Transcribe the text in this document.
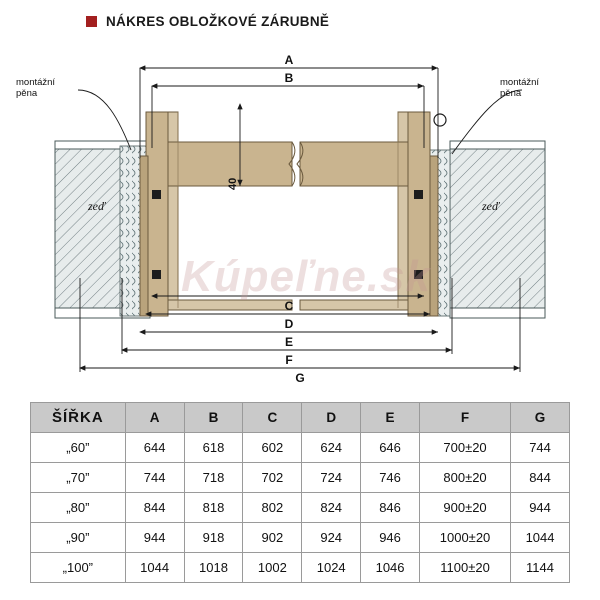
NÁKRES OBLOŽKOVÉ ZÁRUBNĚ
zeď	zeď
A
B
40
C
D
E
F
G
montážní
pěna
montážní
pěna
Kúpeľne.sk
ŠÍŘKA	A	B	C	D	E	F	G
„60”	644	618	602	624	646	700±20	744
„70”	744	718	702	724	746	800±20	844
„80”	844	818	802	824	846	900±20	944
„90”	944	918	902	924	946	1000±20	1044
„100”	1044	1018	1002	1024	1046	1100±20	1144
